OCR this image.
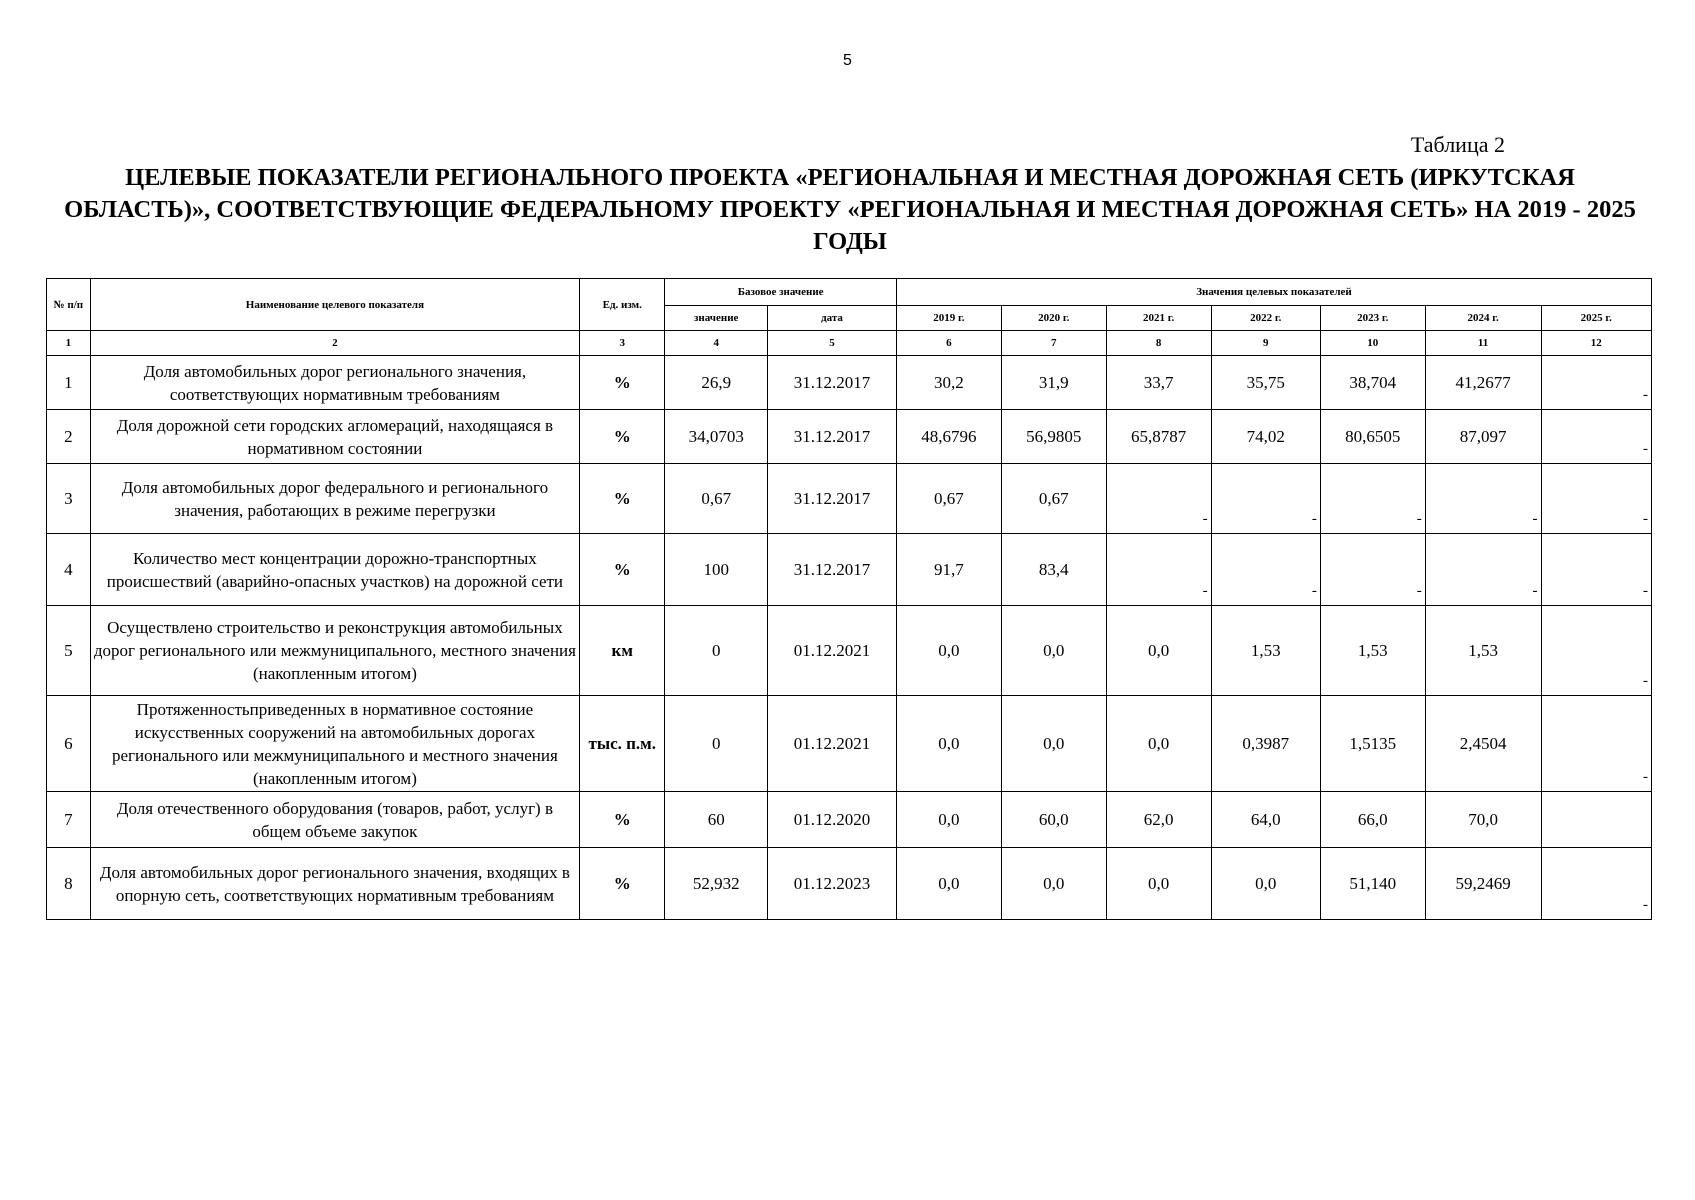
5
Таблица 2
ЦЕЛЕВЫЕ ПОКАЗАТЕЛИ РЕГИОНАЛЬНОГО ПРОЕКТА «РЕГИОНАЛЬНАЯ И МЕСТНАЯ ДОРОЖНАЯ СЕТЬ (ИРКУТСКАЯ ОБЛАСТЬ)», СООТВЕТСТВУЮЩИЕ ФЕДЕРАЛЬНОМУ ПРОЕКТУ «РЕГИОНАЛЬНАЯ И МЕСТНАЯ ДОРОЖНАЯ СЕТЬ» НА 2019 - 2025 ГОДЫ
№ п/п	Наименование целевого показателя	Ед. изм.	Базовое значение		Значения целевых показателей						
			значение	дата	2019 г.	2020 г.	2021 г.	2022 г.	2023 г.	2024 г.	2025 г.
1	2	3	4	5	6	7	8	9	10	11	12
1	Доля автомобильных дорог регионального значения, соответствующих нормативным требованиям	%	26,9	31.12.2017	30,2	31,9	33,7	35,75	38,704	41,2677	-

2	Доля дорожной сети городских агломераций, находящаяся в нормативном состоянии	%	34,0703	31.12.2017	48,6796	56,9805	65,8787	74,02	80,6505	87,097	-

3	Доля автомобильных дорог федерального и регионального значения, работающих в режиме перегрузки	%	0,67	31.12.2017	0,67	0,67	-	-	-	-	-

4	Количество мест концентрации дорожно-транспортных происшествий (аварийно-опасных участков) на дорожной сети	%	100	31.12.2017	91,7	83,4	-	-	-	-	-

5	Осуществлено строительство и реконструкция автомобильных дорог регионального или межмуниципального, местного значения (накопленным итогом)	км	0	01.12.2021	0,0	0,0	0,0	1,53	1,53	1,53	-

6	Протяженностьприведенных в нормативное состояние искусственных сооружений на автомобильных дорогах регионального или межмуниципального и местного значения (накопленным итогом)	тыс. п.м.	0	01.12.2021	0,0	0,0	0,0	0,3987	1,5135	2,4504	-

7	Доля отечественного оборудования (товаров, работ, услуг) в общем объеме закупок	%	60	01.12.2020	0,0	60,0	62,0	64,0	66,0	70,0	
8	Доля автомобильных дорог регионального значения, входящих в опорную сеть, соответствующих нормативным требованиям	%	52,932	01.12.2023	0,0	0,0	0,0	0,0	51,140	59,2469	-
